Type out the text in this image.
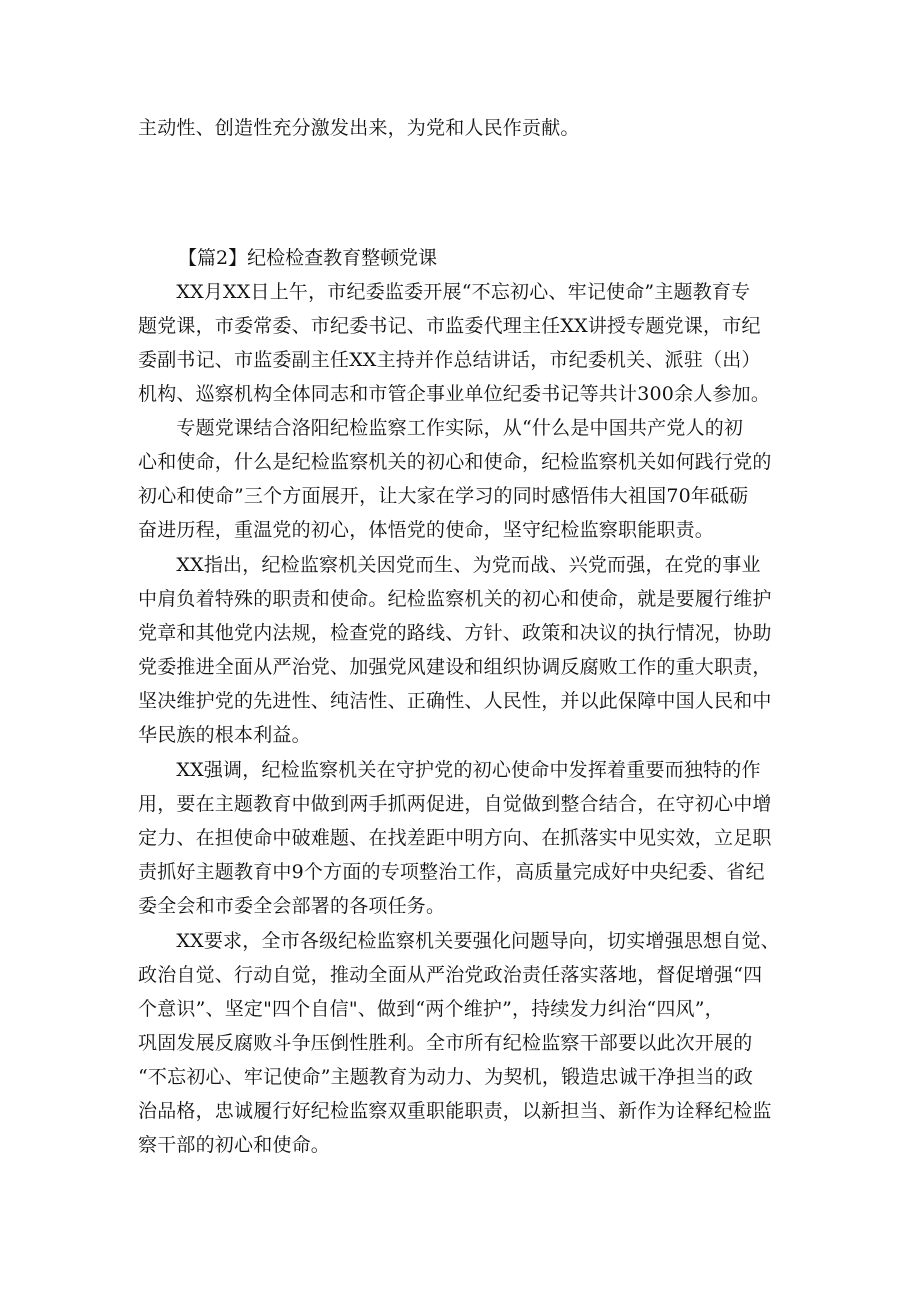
主动性、创造性充分激发出来，为党和人民作贡献。
【篇2】纪检检查教育整顿党课
　　XX月XX日上午，市纪委监委开展“不忘初心、牢记使命”主题教育专
题党课，市委常委、市纪委书记、市监委代理主任XX讲授专题党课，市纪
委副书记、市监委副主任XX主持并作总结讲话，市纪委机关、派驻（出）
机构、巡察机构全体同志和市管企事业单位纪委书记等共计300余人参加。
　　专题党课结合洛阳纪检监察工作实际，从“什么是中国共产党人的初
心和使命，什么是纪检监察机关的初心和使命，纪检监察机关如何践行党的
初心和使命”三个方面展开，让大家在学习的同时感悟伟大祖国70年砥砺
奋进历程，重温党的初心，体悟党的使命，坚守纪检监察职能职责。
　　XX指出，纪检监察机关因党而生、为党而战、兴党而强，在党的事业
中肩负着特殊的职责和使命。纪检监察机关的初心和使命，就是要履行维护
党章和其他党内法规，检查党的路线、方针、政策和决议的执行情况，协助
党委推进全面从严治党、加强党风建设和组织协调反腐败工作的重大职责，
坚决维护党的先进性、纯洁性、正确性、人民性，并以此保障中国人民和中
华民族的根本利益。
　　XX强调，纪检监察机关在守护党的初心使命中发挥着重要而独特的作
用，要在主题教育中做到两手抓两促进，自觉做到整合结合，在守初心中增
定力、在担使命中破难题、在找差距中明方向、在抓落实中见实效，立足职
责抓好主题教育中9个方面的专项整治工作，高质量完成好中央纪委、省纪
委全会和市委全会部署的各项任务。
　　XX要求，全市各级纪检监察机关要强化问题导向，切实增强思想自觉、
政治自觉、行动自觉，推动全面从严治党政治责任落实落地，督促增强“四
个意识”、坚定"四个自信"、做到“两个维护”，持续发力纠治“四风”，
巩固发展反腐败斗争压倒性胜利。全市所有纪检监察干部要以此次开展的
“不忘初心、牢记使命”主题教育为动力、为契机，锻造忠诚干净担当的政
治品格，忠诚履行好纪检监察双重职能职责，以新担当、新作为诠释纪检监
察干部的初心和使命。
